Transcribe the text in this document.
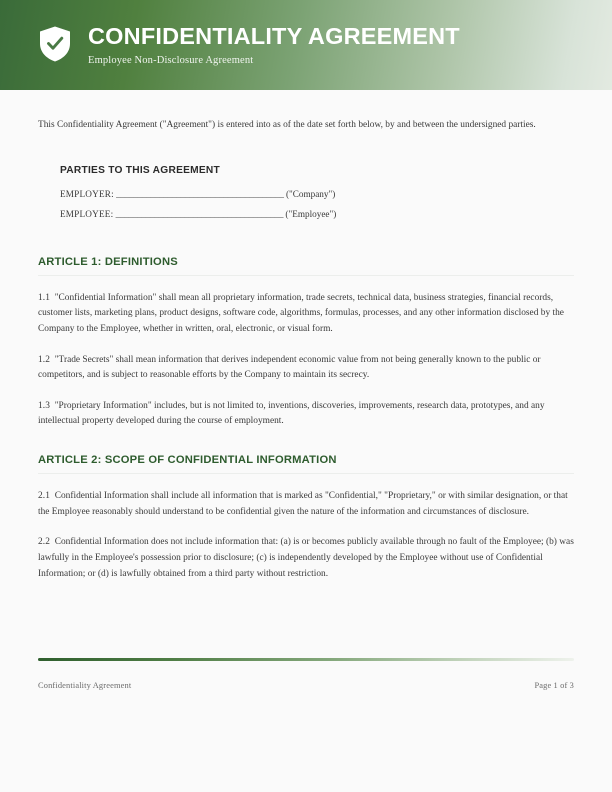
CONFIDENTIALITY AGREEMENT
Employee Non-Disclosure Agreement

This Confidentiality Agreement ("Agreement") is entered into as of the date set forth below, by and between the undersigned parties.

PARTIES TO THIS AGREEMENT
EMPLOYER: _______________________________________ ("Company")
EMPLOYEE: _______________________________________ ("Employee")
ARTICLE 1: DEFINITIONS

1.1 "Confidential Information" shall mean all proprietary information, trade secrets, technical data, business strategies, financial records, customer lists, marketing plans, product designs, software code, algorithms, formulas, processes, and any other information disclosed by the Company to the Employee, whether in written, oral, electronic, or visual form.

1.2 "Trade Secrets" shall mean information that derives independent economic value from not being generally known to the public or competitors, and is subject to reasonable efforts by the Company to maintain its secrecy.

1.3 "Proprietary Information" includes, but is not limited to, inventions, discoveries, improvements, research data, prototypes, and any intellectual property developed during the course of employment.

ARTICLE 2: SCOPE OF CONFIDENTIAL INFORMATION

2.1 Confidential Information shall include all information that is marked as "Confidential," "Proprietary," or with similar designation, or that the Employee reasonably should understand to be confidential given the nature of the information and circumstances of disclosure.

2.2 Confidential Information does not include information that: (a) is or becomes publicly available through no fault of the Employee; (b) was lawfully in the Employee's possession prior to disclosure; (c) is independently developed by the Employee without use of Confidential Information; or (d) is lawfully obtained from a third party without restriction.

Confidentiality Agreement	Page 1 of 3
